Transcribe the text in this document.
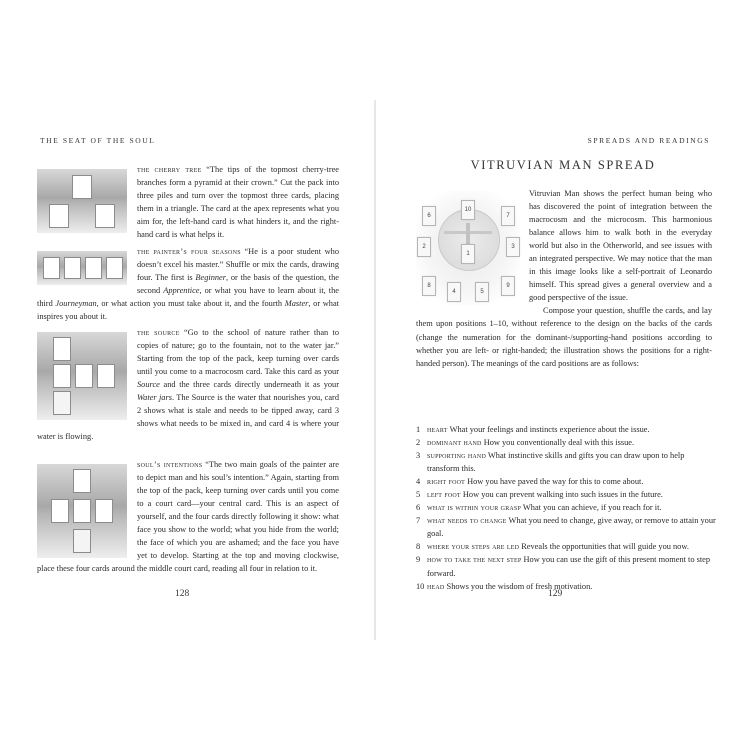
THE SEAT OF THE SOUL

the cherry tree “The tips of the topmost cherry-tree branches form a pyramid at their crown.” Cut the pack into three piles and turn over the topmost three cards, placing them in a triangle. The card at the apex represents what you aim for, the left-hand card is what hinders it, and the right-hand card is what helps it.

the painter’s four seasons “He is a poor student who doesn’t excel his master.” Shuffle or mix the cards, drawing four. The first is Beginner, or the basis of the question, the second Apprentice, or what you have to learn about it, the third Journeyman, or what action you must take about it, and the fourth Master, or what inspires you about it.

the source “Go to the school of nature rather than to copies of nature; go to the fountain, not to the water jar.” Starting from the top of the pack, keep turning over cards until you come to a macrocosm card. Take this card as your Source and the three cards directly underneath it as your Water jars. The Source is the water that nourishes you, card 2 shows what is stale and needs to be tipped away, card 3 shows what needs to be mixed in, and card 4 is where your water is flowing.

soul’s intentions “The two main goals of the painter are to depict man and his soul’s intention.” Again, starting from the top of the pack, keep turning over cards until you come to a court card—your central card. This is an aspect of yourself, and the four cards directly following it show: what face you show to the world; what you hide from the world; the face of which you are ashamed; and the face you have yet to develop. Starting at the top and moving clockwise, place these four cards around the middle court card, reading all four in relation to it.

128
SPREADS AND READINGS
VITRUVIAN MAN SPREAD
6
10
7
2	3
1
8
4	5
9

Vitruvian Man shows the perfect human being who has discovered the point of integration between the macrocosm and the microcosm. This harmonious balance allows him to walk both in the everyday world but also in the Otherworld, and see issues with an integrated perspective. We may notice that the man in this image looks like a self-portrait of Leonardo himself. This spread gives a general overview and a good perspective of the issue.

Compose your question, shuffle the cards, and lay them upon positions 1–10, without reference to the design on the backs of the cards (change the numeration for the dominant-/supporting-hand positions according to whether you are left- or right-handed; the illustration shows the positions for a right-handed person). The meanings of the card positions are as follows:

1 heart What your feelings and instincts experience about the issue.
2 dominant hand How you conventionally deal with this issue.
3 supporting hand What instinctive skills and gifts you can draw upon to help transform this.
4 right foot How you have paved the way for this to come about.
5 left foot How you can prevent walking into such issues in the future.
6 what is within your grasp What you can achieve, if you reach for it.
7 what needs to change What you need to change, give away, or remove to attain your goal.
8 where your steps are led Reveals the opportunities that will guide you now.
9 how to take the next step How you can use the gift of this present moment to step forward.
10 head Shows you the wisdom of fresh motivation.
129
